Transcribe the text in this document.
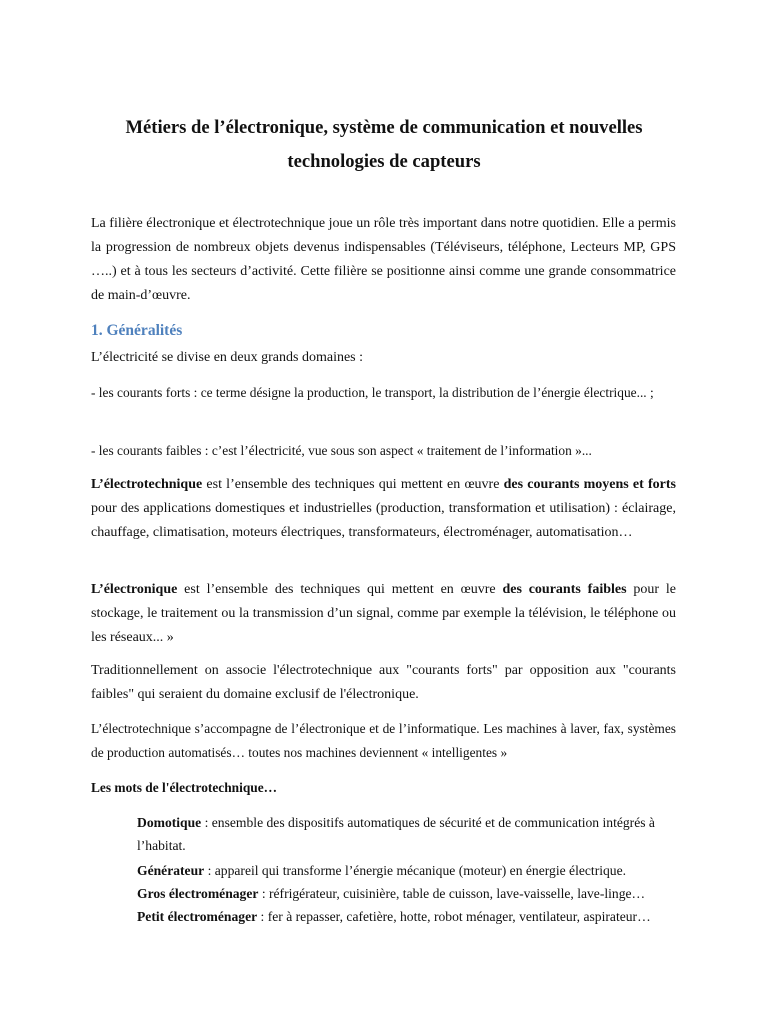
Métiers de l’électronique, système de communication et nouvelles
technologies de capteurs

La filière électronique et électrotechnique joue un rôle très important dans notre quotidien. Elle a permis la progression de nombreux objets devenus indispensables (Téléviseurs, téléphone, Lecteurs MP, GPS …..) et à tous les secteurs d’activité. Cette filière se positionne ainsi comme une grande consommatrice de main-d’œuvre.

1. Généralités

L’électricité se divise en deux grands domaines :

- les courants forts : ce terme désigne la production, le transport, la distribution de l’énergie électrique... ;

- les courants faibles : c’est l’électricité, vue sous son aspect « traitement de l’information »...

L’électrotechnique est l’ensemble des techniques qui mettent en œuvre des courants moyens et forts pour des applications domestiques et industrielles (production, transformation et utilisation) : éclairage, chauffage, climatisation, moteurs électriques, transformateurs, électroménager, automatisation…

L’électronique est l’ensemble des techniques qui mettent en œuvre des courants faibles pour le stockage, le traitement ou la transmission d’un signal, comme par exemple la télévision, le téléphone ou les réseaux... »

Traditionnellement on associe l'électrotechnique aux "courants forts" par opposition aux "courants faibles" qui seraient du domaine exclusif de l'électronique.

L’électrotechnique s’accompagne de l’électronique et de l’informatique. Les machines à laver, fax, systèmes de production automatisés… toutes nos machines deviennent « intelligentes »

Les mots de l'électrotechnique…

Domotique : ensemble des dispositifs automatiques de sécurité et de communication intégrés à l’habitat.

Générateur : appareil qui transforme l’énergie mécanique (moteur) en énergie électrique.

Gros électroménager : réfrigérateur, cuisinière, table de cuisson, lave-vaisselle, lave-linge…

Petit électroménager : fer à repasser, cafetière, hotte, robot ménager, ventilateur, aspirateur…
